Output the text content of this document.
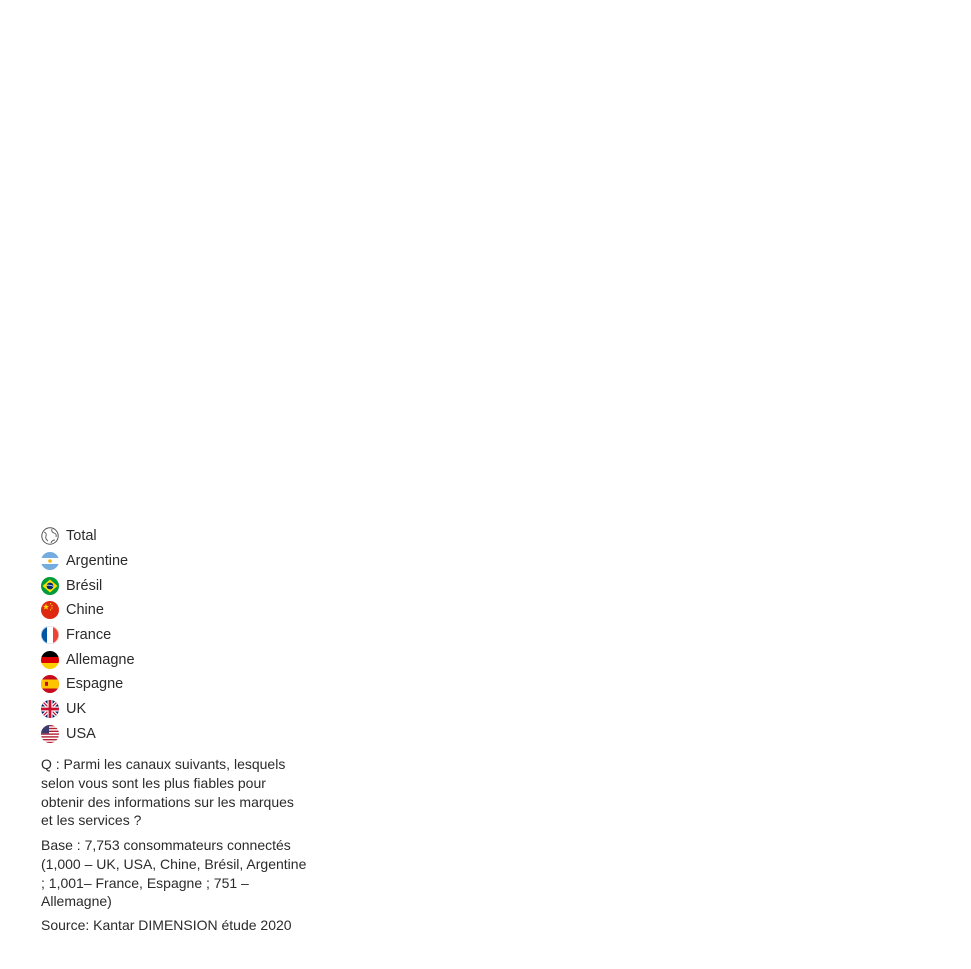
Total
Argentine
Brésil
Chine
France
Allemagne
Espagne
UK
USA
Q : Parmi les canaux suivants, lesquels selon vous sont les plus fiables pour obtenir des informations sur les marques et les services ?
Base : 7,753 consommateurs connectés (1,000 – UK, USA, Chine, Brésil, Argentine ; 1,001– France, Espagne ; 751 – Allemagne)
Source: Kantar DIMENSION étude 2020
